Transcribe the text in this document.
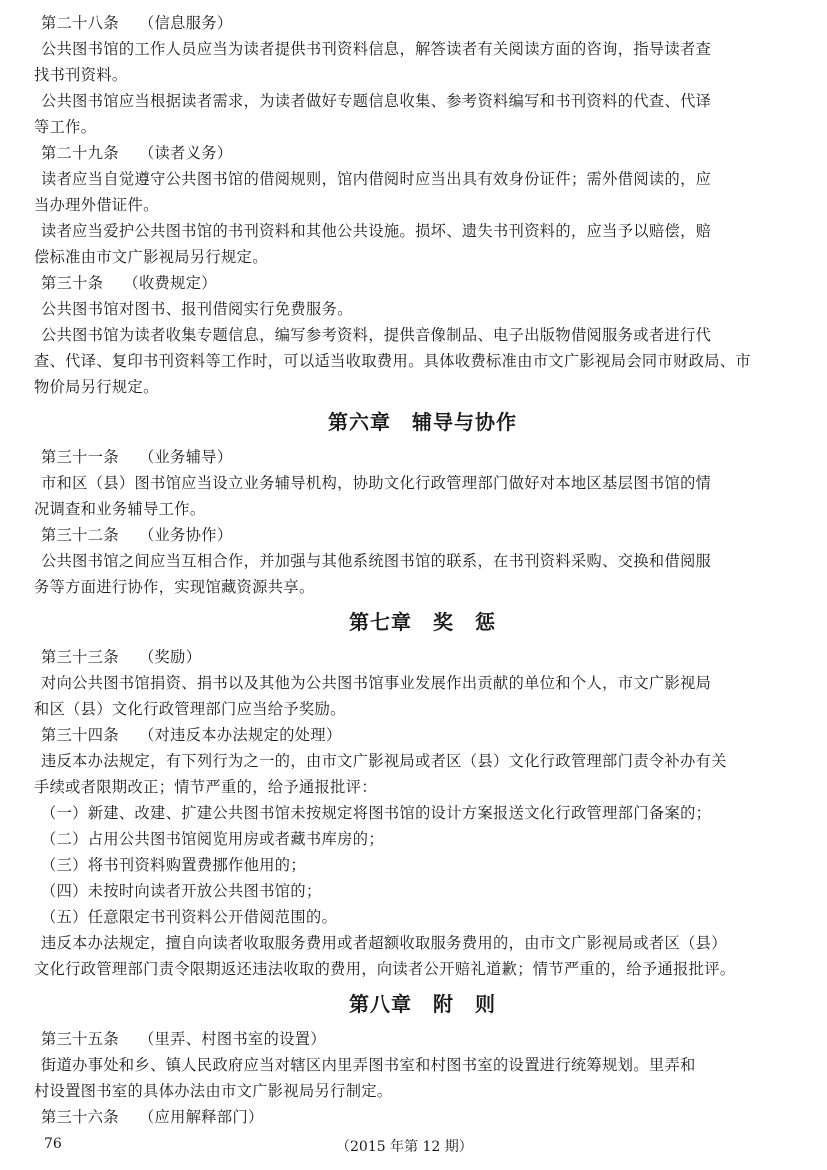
第二十八条 （信息服务）
公共图书馆的工作人员应当为读者提供书刊资料信息，解答读者有关阅读方面的咨询，指导读者查
找书刊资料。
公共图书馆应当根据读者需求，为读者做好专题信息收集、参考资料编写和书刊资料的代查、代译
等工作。
第二十九条 （读者义务）
读者应当自觉遵守公共图书馆的借阅规则，馆内借阅时应当出具有效身份证件；需外借阅读的，应
当办理外借证件。
读者应当爱护公共图书馆的书刊资料和其他公共设施。损坏、遗失书刊资料的，应当予以赔偿，赔
偿标准由市文广影视局另行规定。
第三十条 （收费规定）
公共图书馆对图书、报刊借阅实行免费服务。
公共图书馆为读者收集专题信息，编写参考资料，提供音像制品、电子出版物借阅服务或者进行代
查、代译、复印书刊资料等工作时，可以适当收取费用。具体收费标准由市文广影视局会同市财政局、市
物价局另行规定。
第六章　辅导与协作
第三十一条 （业务辅导）
市和区（县）图书馆应当设立业务辅导机构，协助文化行政管理部门做好对本地区基层图书馆的情
况调查和业务辅导工作。
第三十二条 （业务协作）
公共图书馆之间应当互相合作，并加强与其他系统图书馆的联系，在书刊资料采购、交换和借阅服
务等方面进行协作，实现馆藏资源共享。
第七章　奖　惩
第三十三条 （奖励）
对向公共图书馆捐资、捐书以及其他为公共图书馆事业发展作出贡献的单位和个人，市文广影视局
和区（县）文化行政管理部门应当给予奖励。
第三十四条 （对违反本办法规定的处理）
违反本办法规定，有下列行为之一的，由市文广影视局或者区（县）文化行政管理部门责令补办有关
手续或者限期改正；情节严重的，给予通报批评：
（一）新建、改建、扩建公共图书馆未按规定将图书馆的设计方案报送文化行政管理部门备案的；
（二）占用公共图书馆阅览用房或者藏书库房的；
（三）将书刊资料购置费挪作他用的；
（四）未按时向读者开放公共图书馆的；
（五）任意限定书刊资料公开借阅范围的。
违反本办法规定，擅自向读者收取服务费用或者超额收取服务费用的，由市文广影视局或者区（县）
文化行政管理部门责令限期返还违法收取的费用，向读者公开赔礼道歉；情节严重的，给予通报批评。
第八章　附　则
第三十五条 （里弄、村图书室的设置）
街道办事处和乡、镇人民政府应当对辖区内里弄图书室和村图书室的设置进行统筹规划。里弄和
村设置图书室的具体办法由市文广影视局另行制定。
第三十六条 （应用解释部门）
76	（2015 年第 12 期）
